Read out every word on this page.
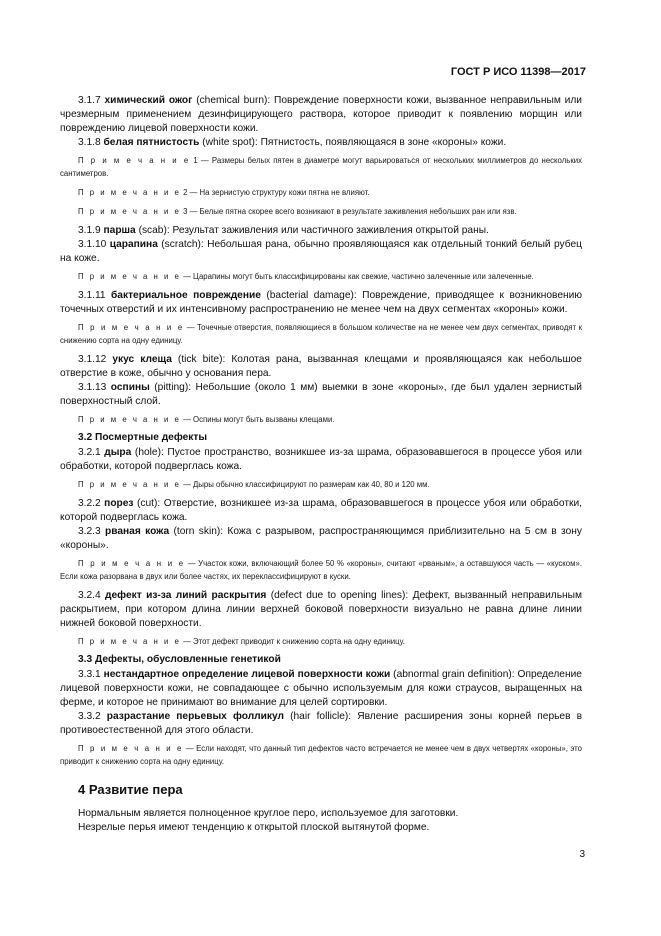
ГОСТ Р ИСО 11398—2017

3.1.7 химический ожог (chemical burn): Повреждение поверхности кожи, вызванное неправильным или чрезмерным применением дезинфицирующего раствора, которое приводит к появлению морщин или повреждению лицевой поверхности кожи.

3.1.8 белая пятнистость (white spot): Пятнистость, появляющаяся в зоне «короны» кожи.

П р и м е ч а н и е 1 — Размеры белых пятен в диаметре могут варьироваться от нескольких миллиметров до нескольких сантиметров.

П р и м е ч а н и е 2 — На зернистую структуру кожи пятна не влияют.

П р и м е ч а н и е 3 — Белые пятна скорее всего возникают в результате заживления небольших ран или язв.

3.1.9 парша (scab): Результат заживления или частичного заживления открытой раны.

3.1.10 царапина (scratch): Небольшая рана, обычно проявляющаяся как отдельный тонкий белый рубец на коже.

П р и м е ч а н и е — Царапины могут быть классифицированы как свежие, частично залеченные или залеченные.

3.1.11 бактериальное повреждение (bacterial damage): Повреждение, приводящее к возникновению точечных отверстий и их интенсивному распространению не менее чем на двух сегментах «короны» кожи.

П р и м е ч а н и е — Точечные отверстия, появляющиеся в большом количестве на не менее чем двух сегментах, приводят к снижению сорта на одну единицу.

3.1.12 укус клеща (tick bite): Колотая рана, вызванная клещами и проявляющаяся как небольшое отверстие в коже, обычно у основания пера.

3.1.13 оспины (pitting): Небольшие (около 1 мм) выемки в зоне «короны», где был удален зернистый поверхностный слой.

П р и м е ч а н и е — Оспины могут быть вызваны клещами.

3.2 Посмертные дефекты

3.2.1 дыра (hole): Пустое пространство, возникшее из-за шрама, образовавшегося в процессе убоя или обработки, которой подверглась кожа.

П р и м е ч а н и е — Дыры обычно классифицируют по размерам как 40, 80 и 120 мм.

3.2.2 порез (cut): Отверстие, возникшее из-за шрама, образовавшегося в процессе убоя или обработки, которой подверглась кожа.

3.2.3 рваная кожа (torn skin): Кожа с разрывом, распространяющимся приблизительно на 5 см в зону «короны».

П р и м е ч а н и е — Участок кожи, включающий более 50 % «короны», считают «рваным», а оставшуюся часть — «куском». Если кожа разорвана в двух или более частях, их переклассифицируют в куски.

3.2.4 дефект из-за линий раскрытия (defect due to opening lines): Дефект, вызванный неправильным раскрытием, при котором длина линии верхней боковой поверхности визуально не равна длине линии нижней боковой поверхности.

П р и м е ч а н и е — Этот дефект приводит к снижению сорта на одну единицу.

3.3 Дефекты, обусловленные генетикой

3.3.1 нестандартное определение лицевой поверхности кожи (abnormal grain definition): Определение лицевой поверхности кожи, не совпадающее с обычно используемым для кожи страусов, выращенных на ферме, и которое не принимают во внимание для целей сортировки.

3.3.2 разрастание перьевых фолликул (hair follicle): Явление расширения зоны корней перьев в противоестественной для этого области.

П р и м е ч а н и е — Если находят, что данный тип дефектов часто встречается не менее чем в двух четвертях «короны», это приводит к снижению сорта на одну единицу.

4 Развитие пера

Нормальным является полноценное круглое перо, используемое для заготовки.

Незрелые перья имеют тенденцию к открытой плоской вытянутой форме.

3
